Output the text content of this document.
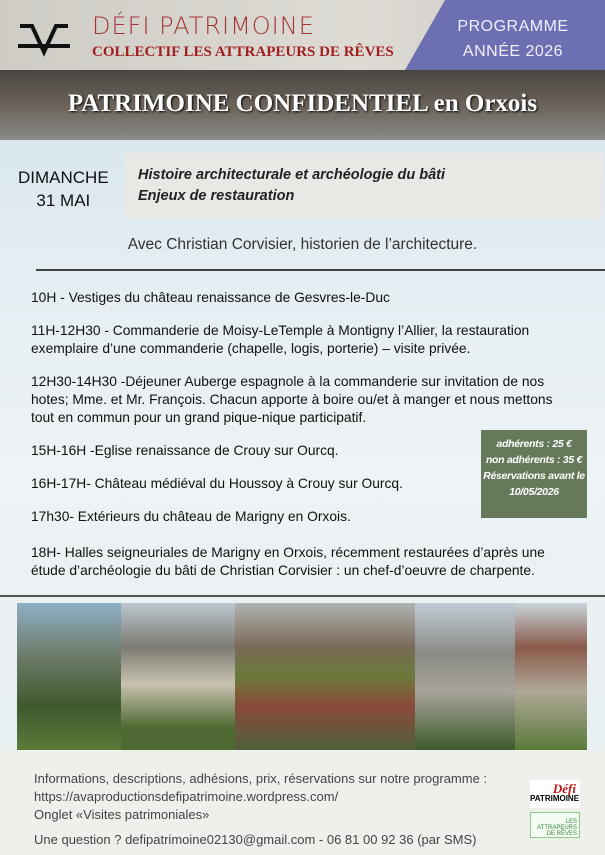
DÉFI PATRIMOINE
COLLECTIF LES ATTRAPEURS DE RÊVES
PROGRAMME
ANNÉE 2026
PATRIMOINE CONFIDENTIEL en Orxois
DIMANCHE
31 MAI
Histoire architecturale et archéologie du bâti
Enjeux de restauration
Avec Christian Corvisier, historien de l’architecture.

10H - Vestiges du château renaissance de Gesvres-le-Duc

11H-12H30 - Commanderie de Moisy-LeTemple à Montigny l’Allier, la restauration exemplaire d’une commanderie (chapelle, logis, porterie) – visite privée.

12H30-14H30 -Déjeuner Auberge espagnole à la commanderie sur invitation de nos hotes; Mme. et Mr. François. Chacun apporte à boire ou/et à manger et nous mettons tout en commun pour un grand pique-nique participatif.

15H-16H -Eglise renaissance de Crouy sur Ourcq.

16H-17H- Château médiéval du Houssoy à Crouy sur Ourcq.

17h30- Extérieurs du château de Marigny en Orxois.

18H- Halles seigneuriales de Marigny en Orxois, récemment restaurées d’après une étude d’archéologie du bâti de Christian Corvisier : un chef-d’oeuvre de charpente.

adhérents : 25 €
non adhérents : 35 €
Réservations avant le
10/05/2026
Informations, descriptions, adhésions, prix, réservations sur notre programme :
https://avaproductionsdefipatrimoine.wordpress.com/
Onglet «Visites patrimoniales»
Une question ? defipatrimoine02130@gmail.com - 06 81 00 92 36 (par SMS)
Défi
PATRIMOINE
LES ATTRAPEURS DE RÊVES
